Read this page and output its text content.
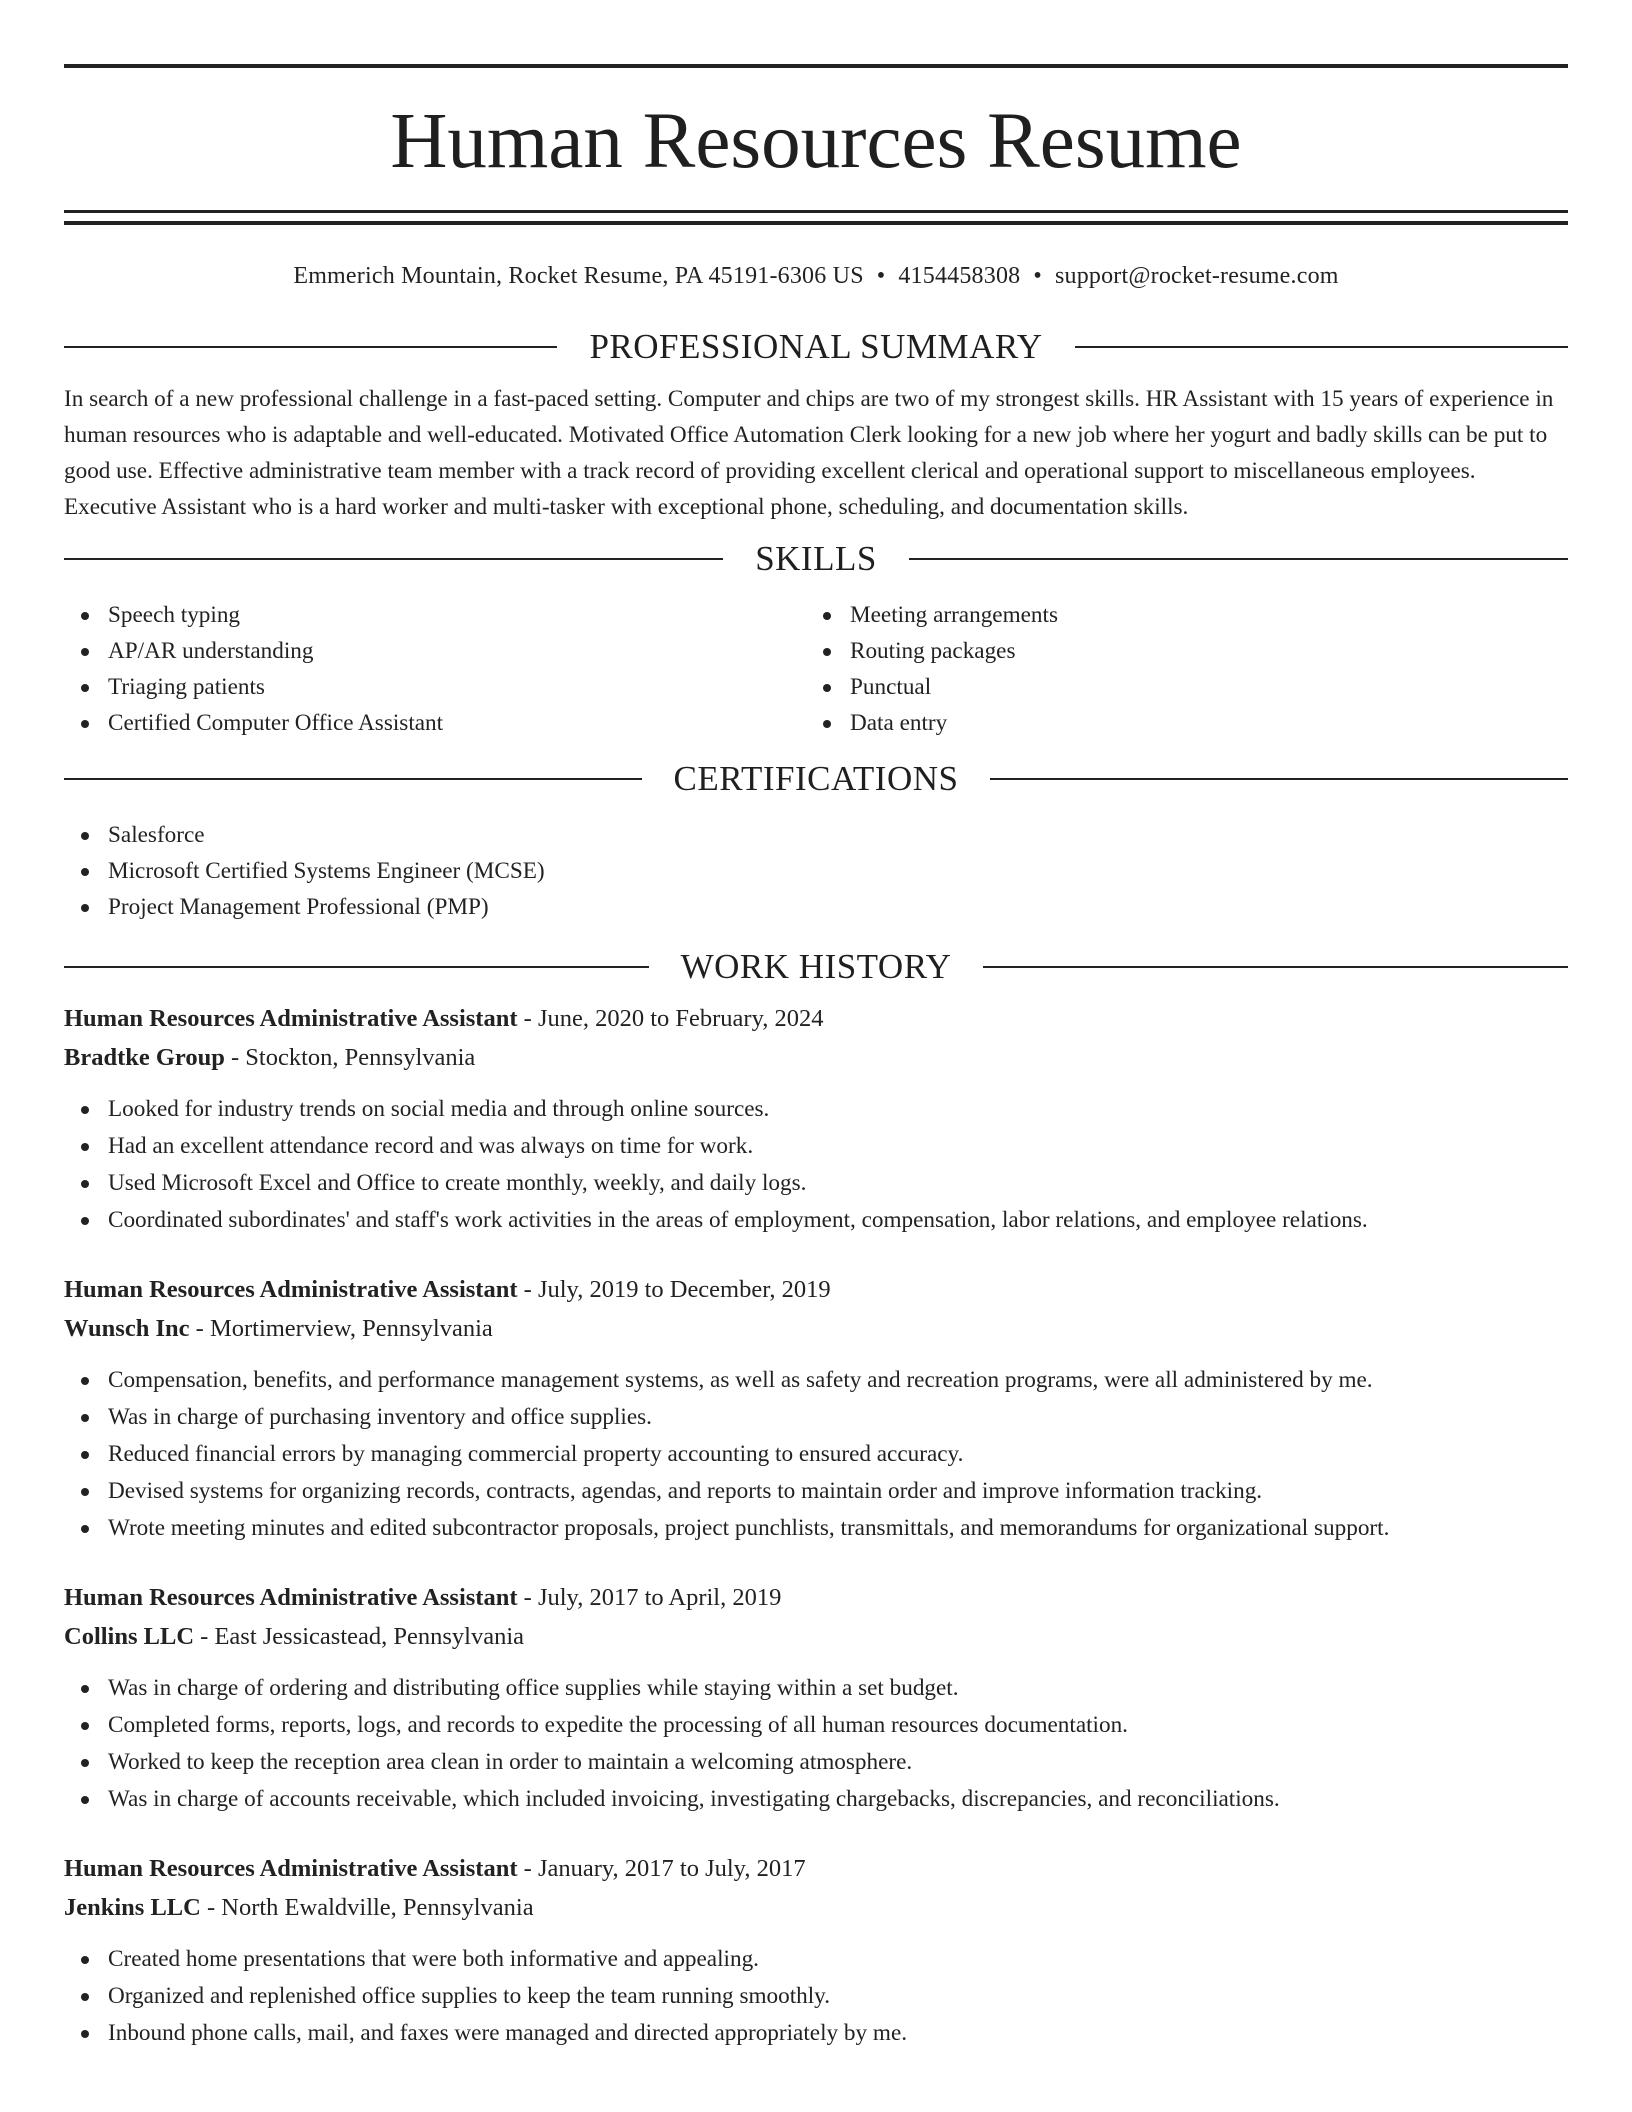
Human Resources Resume
Emmerich Mountain, Rocket Resume, PA 45191-6306 US • 4154458308 • support@rocket-resume.com
PROFESSIONAL SUMMARY

In search of a new professional challenge in a fast-paced setting. Computer and chips are two of my strongest skills. HR Assistant with 15 years of experience in human resources who is adaptable and well-educated. Motivated Office Automation Clerk looking for a new job where her yogurt and badly skills can be put to good use. Effective administrative team member with a track record of providing excellent clerical and operational support to miscellaneous employees. Executive Assistant who is a hard worker and multi-tasker with exceptional phone, scheduling, and documentation skills.

SKILLS
Speech typing
AP/AR understanding
Triaging patients
Certified Computer Office Assistant
Meeting arrangements
Routing packages
Punctual
Data entry
CERTIFICATIONS
Salesforce
Microsoft Certified Systems Engineer (MCSE)
Project Management Professional (PMP)
WORK HISTORY
Human Resources Administrative Assistant - June, 2020 to February, 2024
Bradtke Group - Stockton, Pennsylvania
Looked for industry trends on social media and through online sources.
Had an excellent attendance record and was always on time for work.
Used Microsoft Excel and Office to create monthly, weekly, and daily logs.
Coordinated subordinates' and staff's work activities in the areas of employment, compensation, labor relations, and employee relations.
Human Resources Administrative Assistant - July, 2019 to December, 2019
Wunsch Inc - Mortimerview, Pennsylvania
Compensation, benefits, and performance management systems, as well as safety and recreation programs, were all administered by me.
Was in charge of purchasing inventory and office supplies.
Reduced financial errors by managing commercial property accounting to ensured accuracy.
Devised systems for organizing records, contracts, agendas, and reports to maintain order and improve information tracking.
Wrote meeting minutes and edited subcontractor proposals, project punchlists, transmittals, and memorandums for organizational support.
Human Resources Administrative Assistant - July, 2017 to April, 2019
Collins LLC - East Jessicastead, Pennsylvania
Was in charge of ordering and distributing office supplies while staying within a set budget.
Completed forms, reports, logs, and records to expedite the processing of all human resources documentation.
Worked to keep the reception area clean in order to maintain a welcoming atmosphere.
Was in charge of accounts receivable, which included invoicing, investigating chargebacks, discrepancies, and reconciliations.
Human Resources Administrative Assistant - January, 2017 to July, 2017
Jenkins LLC - North Ewaldville, Pennsylvania
Created home presentations that were both informative and appealing.
Organized and replenished office supplies to keep the team running smoothly.
Inbound phone calls, mail, and faxes were managed and directed appropriately by me.
